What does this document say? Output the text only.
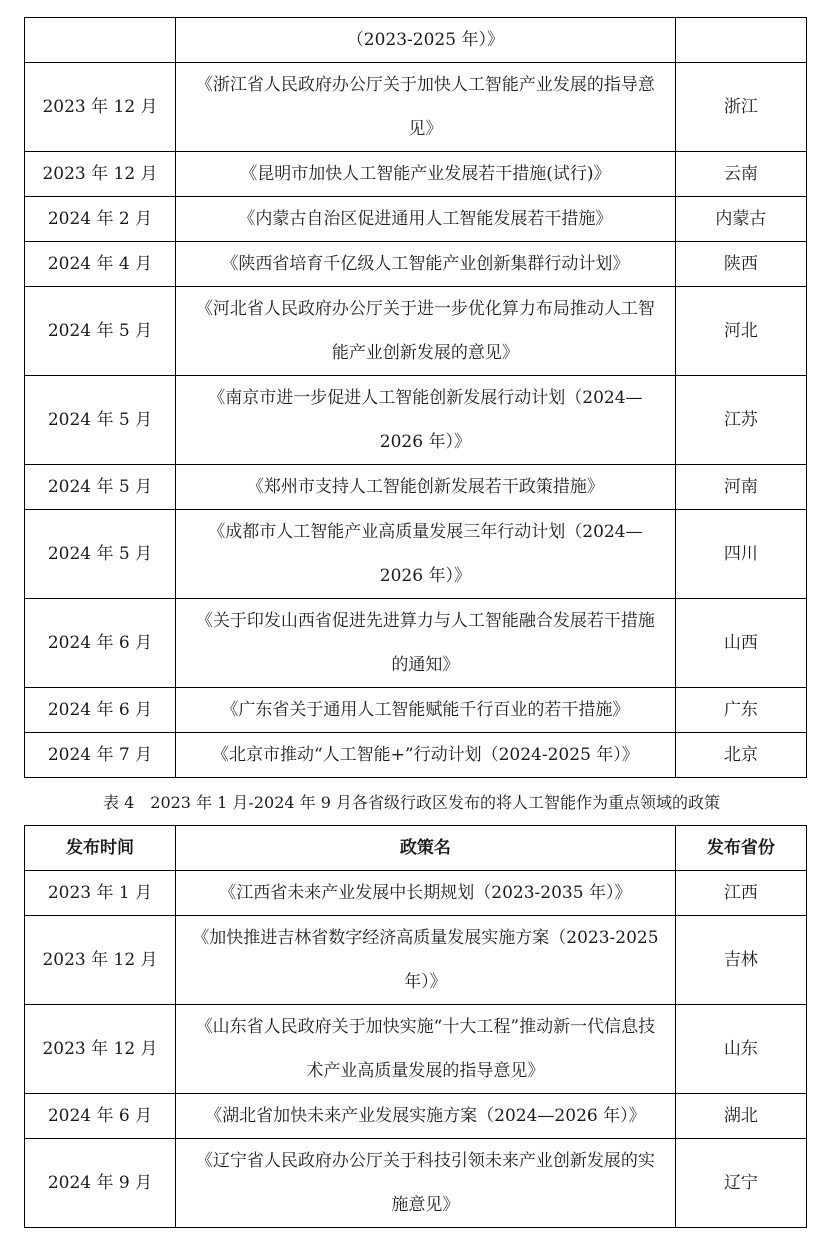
	（2023-2025 年）》	
2023 年 12 月	《浙江省人民政府办公厅关于加快人工智能产业发展的指导意见》	浙江
2023 年 12 月	《昆明市加快人工智能产业发展若干措施(试行)》	云南
2024 年 2 月	《内蒙古自治区促进通用人工智能发展若干措施》	内蒙古
2024 年 4 月	《陕西省培育千亿级人工智能产业创新集群行动计划》	陕西
2024 年 5 月	《河北省人民政府办公厅关于进一步优化算力布局推动人工智能产业创新发展的意见》	河北
2024 年 5 月	《南京市进一步促进人工智能创新发展行动计划（2024—2026 年）》	江苏
2024 年 5 月	《郑州市支持人工智能创新发展若干政策措施》	河南
2024 年 5 月	《成都市人工智能产业高质量发展三年行动计划（2024—2026 年）》	四川
2024 年 6 月	《关于印发山西省促进先进算力与人工智能融合发展若干措施的通知》	山西
2024 年 6 月	《广东省关于通用人工智能赋能千行百业的若干措施》	广东
2024 年 7 月	《北京市推动“人工智能+”行动计划（2024-2025 年）》	北京
表 4　2023 年 1 月-2024 年 9 月各省级行政区发布的将人工智能作为重点领域的政策
发布时间	政策名	发布省份
2023 年 1 月	《江西省未来产业发展中长期规划（2023-2035 年）》	江西
2023 年 12 月	《加快推进吉林省数字经济高质量发展实施方案（2023-2025 年）》	吉林
2023 年 12 月	《山东省人民政府关于加快实施“十大工程”推动新一代信息技术产业高质量发展的指导意见》	山东
2024 年 6 月	《湖北省加快未来产业发展实施方案（2024—2026 年）》	湖北
2024 年 9 月	《辽宁省人民政府办公厅关于科技引领未来产业创新发展的实施意见》	辽宁
